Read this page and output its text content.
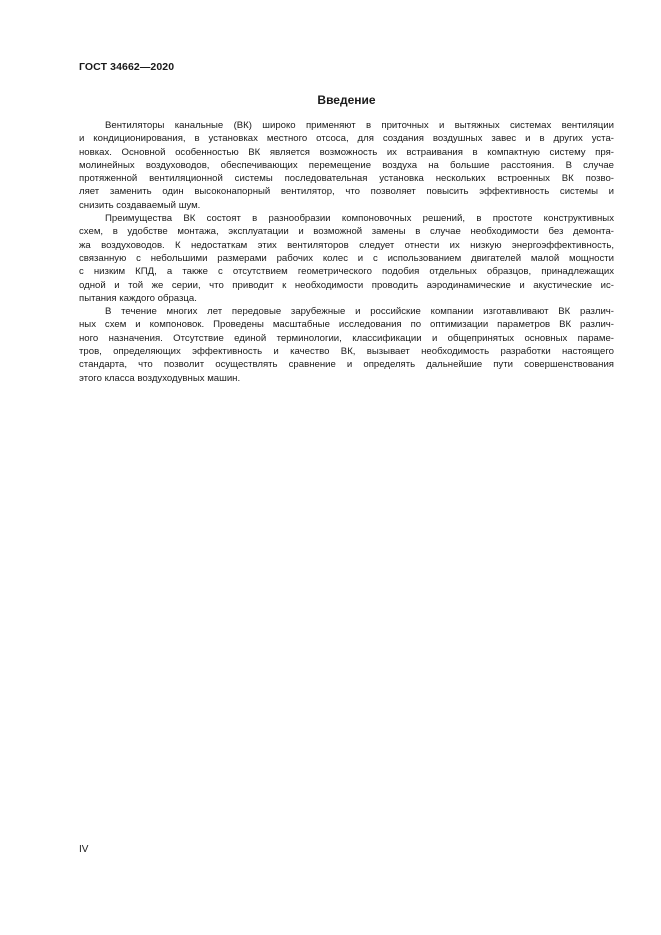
ГОСТ 34662—2020
Введение
Вентиляторы канальные (ВК) широко применяют в приточных и вытяжных системах вентиляции
и кондиционирования, в установках местного отсоса, для создания воздушных завес и в других уста-
новках. Основной особенностью ВК является возможность их встраивания в компактную систему пря-
молинейных воздуховодов, обеспечивающих перемещение воздуха на большие расстояния. В случае
протяженной вентиляционной системы последовательная установка нескольких встроенных ВК позво-
ляет заменить один высоконапорный вентилятор, что позволяет повысить эффективность системы и
снизить создаваемый шум.
Преимущества ВК состоят в разнообразии компоновочных решений, в простоте конструктивных
схем, в удобстве монтажа, эксплуатации и возможной замены в случае необходимости без демонта-
жа воздуховодов. К недостаткам этих вентиляторов следует отнести их низкую энергоэффективность,
связанную с небольшими размерами рабочих колес и с использованием двигателей малой мощности
с низким КПД, а также с отсутствием геометрического подобия отдельных образцов, принадлежащих
одной и той же серии, что приводит к необходимости проводить аэродинамические и акустические ис-
пытания каждого образца.
В течение многих лет передовые зарубежные и российские компании изготавливают ВК различ-
ных схем и компоновок. Проведены масштабные исследования по оптимизации параметров ВК различ-
ного назначения. Отсутствие единой терминологии, классификации и общепринятых основных параме-
тров, определяющих эффективность и качество ВК, вызывает необходимость разработки настоящего
стандарта, что позволит осуществлять сравнение и определять дальнейшие пути совершенствования
этого класса воздуходувных машин.
IV
